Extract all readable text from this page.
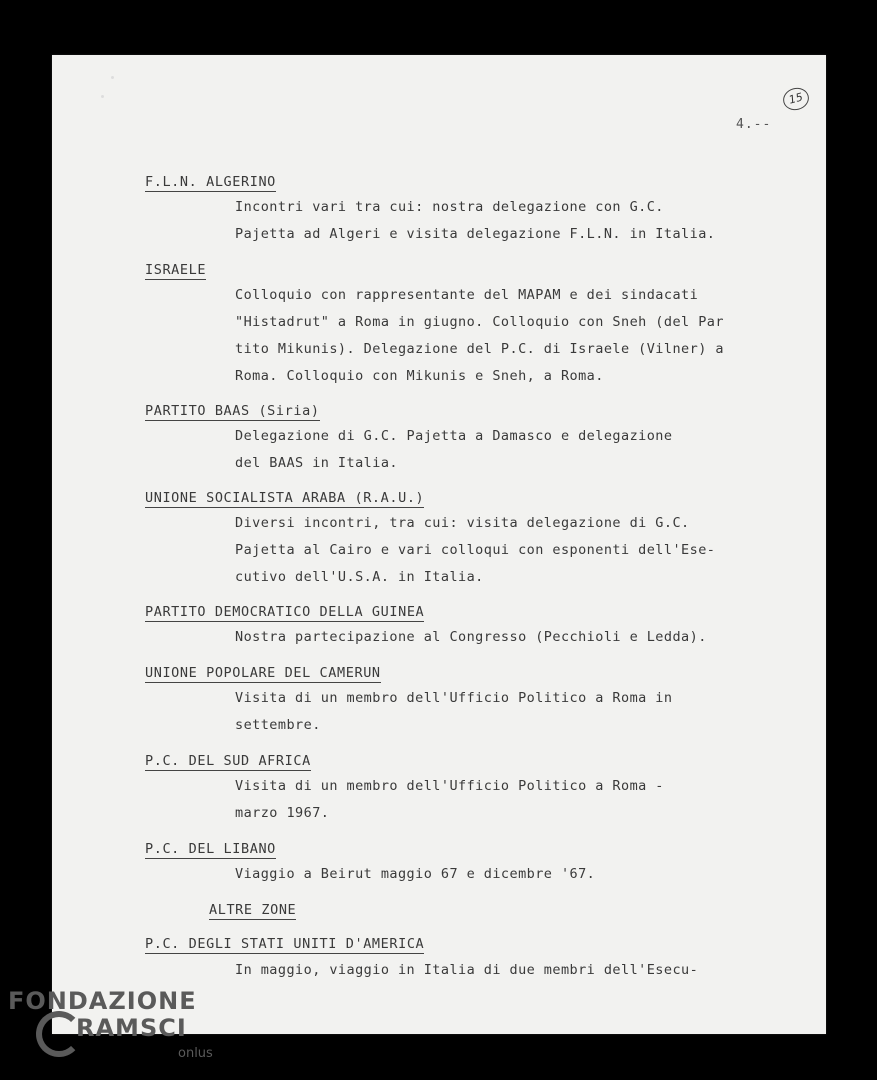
15
4.--
F.L.N. ALGERINO
Incontri vari tra cui: nostra delegazione con G.C.
Pajetta ad Algeri e visita delegazione F.L.N. in Italia.
ISRAELE
Colloquio con rappresentante del MAPAM e dei sindacati
"Histadrut" a Roma in giugno. Colloquio con Sneh (del Par
tito Mikunis). Delegazione del P.C. di Israele (Vilner) a
Roma. Colloquio con Mikunis e Sneh, a Roma.
PARTITO BAAS (Siria)
Delegazione di G.C. Pajetta a Damasco e delegazione
del BAAS in Italia.
UNIONE SOCIALISTA ARABA (R.A.U.)
Diversi incontri, tra cui: visita delegazione di G.C.
Pajetta al Cairo e vari colloqui con esponenti dell'Ese-
cutivo dell'U.S.A. in Italia.
PARTITO DEMOCRATICO DELLA GUINEA
Nostra partecipazione al Congresso (Pecchioli e Ledda).
UNIONE POPOLARE DEL CAMERUN
Visita di un membro dell'Ufficio Politico a Roma in
settembre.
P.C. DEL SUD AFRICA
Visita di un membro dell'Ufficio Politico a Roma -
marzo 1967.
P.C. DEL LIBANO
Viaggio a Beirut maggio 67 e dicembre '67.
ALTRE ZONE
P.C. DEGLI STATI UNITI D'AMERICA
In maggio, viaggio in Italia di due membri dell'Esecu-
FONDAZIONE
RAMSCI
onlus
